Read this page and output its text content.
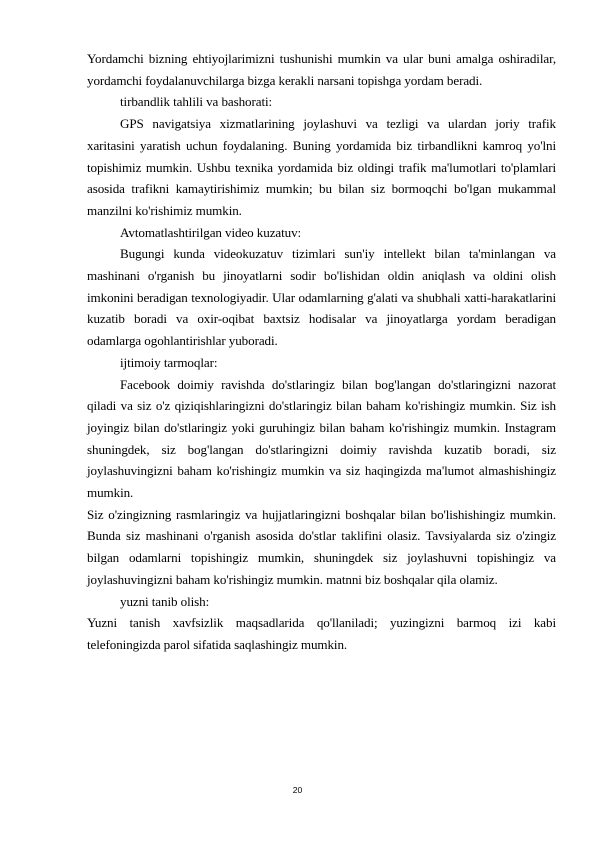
Yordamchi bizning ehtiyojlarimizni tushunishi mumkin va ular buni amalga oshiradilar, yordamchi foydalanuvchilarga bizga kerakli narsani topishga yordam beradi.

tirbandlik tahlili va bashorati:

GPS navigatsiya xizmatlarining joylashuvi va tezligi va ulardan joriy trafik xaritasini yaratish uchun foydalaning. Buning yordamida biz tirbandlikni kamroq yo'lni topishimiz mumkin. Ushbu texnika yordamida biz oldingi trafik ma'lumotlari to'plamlari asosida trafikni kamaytirishimiz mumkin; bu bilan siz bormoqchi bo'lgan mukammal manzilni ko'rishimiz mumkin.

Avtomatlashtirilgan video kuzatuv:

Bugungi kunda videokuzatuv tizimlari sun'iy intellekt bilan ta'minlangan va mashinani o'rganish bu jinoyatlarni sodir bo'lishidan oldin aniqlash va oldini olish imkonini beradigan texnologiyadir. Ular odamlarning g'alati va shubhali xatti-harakatlarini kuzatib boradi va oxir-oqibat baxtsiz hodisalar va jinoyatlarga yordam beradigan odamlarga ogohlantirishlar yuboradi.

ijtimoiy tarmoqlar:

Facebook doimiy ravishda do'stlaringiz bilan bog'langan do'stlaringizni nazorat qiladi va siz o'z qiziqishlaringizni do'stlaringiz bilan baham ko'rishingiz mumkin. Siz ish joyingiz bilan do'stlaringiz yoki guruhingiz bilan baham ko'rishingiz mumkin. Instagram shuningdek, siz bog'langan do'stlaringizni doimiy ravishda kuzatib boradi, siz joylashuvingizni baham ko'rishingiz mumkin va siz haqingizda ma'lumot almashishingiz mumkin.

Siz o'zingizning rasmlaringiz va hujjatlaringizni boshqalar bilan bo'lishishingiz mumkin. Bunda siz mashinani o'rganish asosida do'stlar taklifini olasiz. Tavsiyalarda siz o'zingiz bilgan odamlarni topishingiz mumkin, shuningdek siz joylashuvni topishingiz va joylashuvingizni baham ko'rishingiz mumkin. matnni biz boshqalar qila olamiz.

yuzni tanib olish:

Yuzni tanish xavfsizlik maqsadlarida qo'llaniladi; yuzingizni barmoq izi kabi telefoningizda parol sifatida saqlashingiz mumkin.

20
